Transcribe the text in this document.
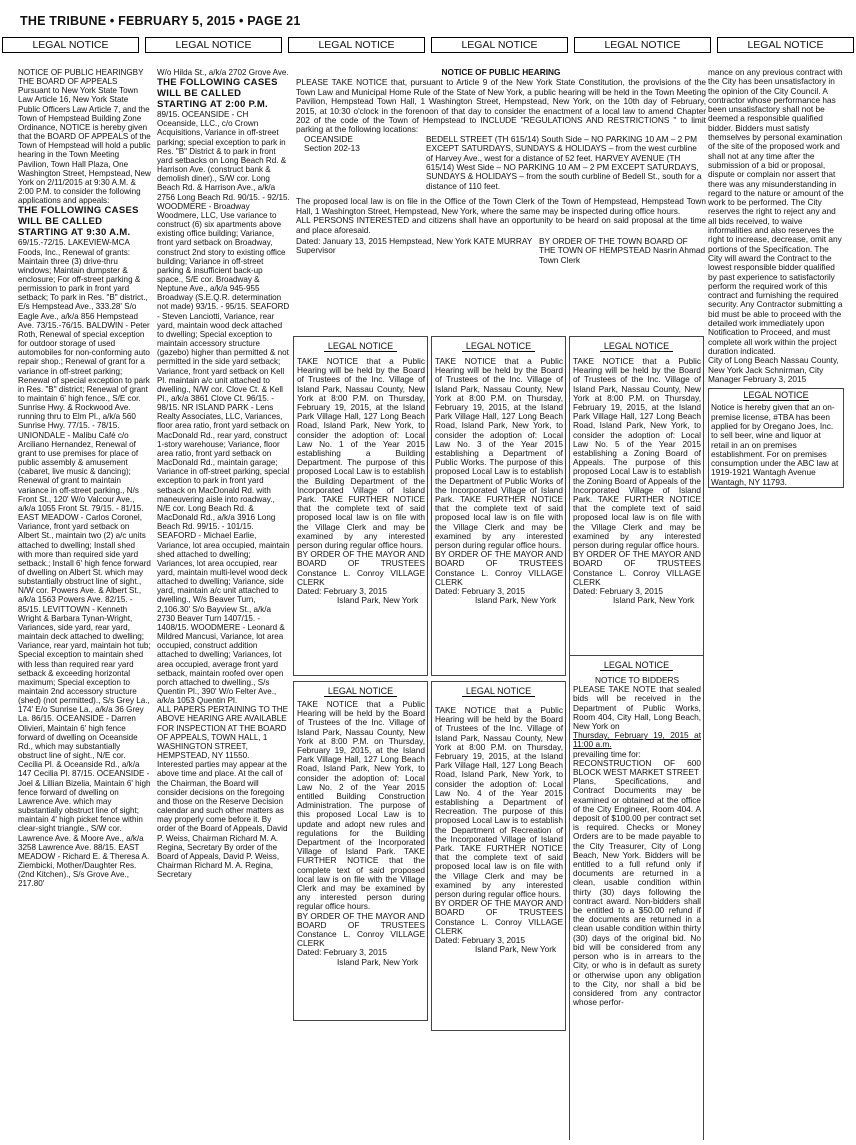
THE TRIBUNE • FEBRUARY 5, 2015 • PAGE 21
LEGAL NOTICE	LEGAL NOTICE	LEGAL NOTICE	LEGAL NOTICE	LEGAL NOTICE	LEGAL NOTICE

NOTICE OF PUBLIC HEARINGBY THE BOARD OF APPEALS Pursuant to New York State Town Law Article 16, New York State Public Officers Law Article 7, and the Town of Hempstead Building Zone Ordinance, NOTICE is hereby given that the BOARD OF APPEALS of the Town of Hempstead will hold a public hearing in the Town Meeting Pavilion, Town Hall Plaza, One Washington Street, Hempstead, New York on 2/11/2015 at 9:30 A.M. & 2:00 P.M. to consider the following applications and appeals:

THE FOLLOWING CASES WILL BE CALLED STARTING AT 9:30 A.M.

69/15.-72/15. LAKEVIEW-MCA Foods, Inc., Renewal of grants: Maintain three (3) drive-thru windows; Maintain dumpster & enclosure; For off-street parking & permission to park in front yard setback; To park in Res. "B" district., E/s Hempstead Ave., 333.28' S/o Eagle Ave., a/k/a 856 Hempstead Ave. 73/15.-76/15. BALDWIN - Peter Roth, Renewal of special exception for outdoor storage of used automobiles for non-conforming auto repair shop.; Renewal of grant for a variance in off-street parking; Renewal of special exception to park in Res. "B" district; Renewal of grant to maintain 6' high fence., S/E cor. Sunrise Hwy. & Rockwood Ave. running thru to Elm Pl., a/k/a 560 Sunrise Hwy. 77/15. - 78/15. UNIONDALE - Malibu Café c/o Arciliano Hernandez, Renewal of grant to use premises for place of public assembly & amusement (cabaret, live music & dancing); Renewal of grant to maintain variance in off-street parking., N/s Front St., 120' W/o Valcour Ave., a/k/a 1055 Front St. 79/15. - 81/15. EAST MEADOW - Carlos Coronel, Variance, front yard setback on Albert St., maintain two (2) a/c units attached to dwelling; Install shed with more than required side yard setback.; Install 6' high fence forward of dwelling on Albert St. which may substantially obstruct line of sight., N/W cor. Powers Ave. & Albert St., a/k/a 1563 Powers Ave. 82/15. - 85/15. LEVITTOWN - Kenneth Wright & Barbara Tynan-Wright, Variances, side yard, rear yard, maintain deck attached to dwelling; Variance, rear yard, maintain hot tub; Special exception to maintain shed with less than required rear yard setback & exceeding horizontal maximum; Special exception to maintain 2nd accessory structure (shed) (not permitted)., S/s Grey La., 174' E/o Sunrise La., a/k/a 36 Grey La. 86/15. OCEANSIDE - Darren Olivieri, Maintain 6' high fence forward of dwelling on Oceanside Rd., which may substantially obstruct line of sight., N/E cor. Cecilia Pl. & Oceanside Rd., a/k/a 147 Cecilia Pl. 87/15. OCEANSIDE - Joel & Lillian Bizelia, Maintain 6' high fence forward of dwelling on Lawrence Ave. which may substantially obstruct line of sight; maintain 4' high picket fence within clear-sight triangle., S/W cor. Lawrence Ave. & Moore Ave., a/k/a 3258 Lawrence Ave. 88/15. EAST MEADOW - Richard E. & Theresa A. Ziembicki, Mother/Daughter Res. (2nd Kitchen)., S/s Grove Ave., 217.80'

W/o Hilda St., a/k/a 2702 Grove Ave.

THE FOLLOWING CASES WILL BE CALLED STARTING AT 2:00 P.M.

89/15. OCEANSIDE - CH Oceanside, LLC., c/o Crown Acquisitions, Variance in off-street parking; special exception to park in Res. "B" District & to park in front yard setbacks on Long Beach Rd. & Harrison Ave. (construct bank & demolish diner)., S/W cor. Long Beach Rd. & Harrison Ave., a/k/a 2756 Long Beach Rd. 90/15. - 92/15. WOODMERE - Broadway Woodmere, LLC, Use variance to construct (6) six apartments above existing office building; Variance, front yard setback on Broadway, construct 2nd story to existing office building; Variance in off-street parking & insufficient back-up space., S/E cor. Broadway & Neptune Ave., a/k/a 945-955 Broadway (S.E.Q.R. determination not made) 93/15. - 95/15. SEAFORD - Steven Lanciotti, Variance, rear yard, maintain wood deck attached to dwelling; Special exception to maintain accessory structure (gazebo) higher than permitted & not permitted in the side yard setback; Variance, front yard setback on Kell Pl. maintain a/c unit attached to dwelling., N/W cor. Clove Ct. & Kell Pl., a/k/a 3861 Clove Ct. 96/15. - 98/15. NR ISLAND PARK - Lens Realty Associates, LLC, Variances, floor area ratio, front yard setback on MacDonald Rd., rear yard, construct 1-story warehouse; Variance, floor area ratio, front yard setback on MacDonald Rd., maintain garage; Variance in off-street parking, special exception to park in front yard setback on MacDonald Rd. with maneuvering aisle into roadway., N/E cor. Long Beach Rd. & MacDonald Rd., a/k/a 3916 Long Beach Rd. 99/15. - 101/15. SEAFORD - Michael Earlie, Variance, lot area occupied, maintain shed attached to dwelling; Variances, lot area occupied, rear yard, maintain multi-level wood deck attached to dwelling; Variance, side yard, maintain a/c unit attached to dwelling., W/s Beaver Turn, 2,106.30' S/o Bayview St., a/k/a 2730 Beaver Turn 1407/15. - 1408/15. WOODMERE - Leonard & Mildred Mancusi, Variance, lot area occupied, construct addition attached to dwelling; Variances, lot area occupied, average front yard setback, maintain roofed over open porch attached to dwelling., S/s Quentin Pl., 390' W/o Felter Ave., a/k/a 1053 Quentin Pl.

ALL PAPERS PERTAINING TO THE ABOVE HEARING ARE AVAILABLE FOR INSPECTION AT THE BOARD OF APPEALS, TOWN HALL, 1 WASHINGTON STREET, HEMPSTEAD, NY 11550.

Interested parties may appear at the above time and place. At the call of the Chairman, the Board will consider decisions on the foregoing and those on the Reserve Decision calendar and such other matters as may properly come before it. By order of the Board of Appeals, David P. Weiss, Chairman Richard M. A. Regina, Secretary By order of the Board of Appeals, David P. Weiss, Chairman Richard M. A. Regina, Secretary

NOTICE OF PUBLIC HEARING

PLEASE TAKE NOTICE that, pursuant to Article 9 of the New York State Constitution, the provisions of the Town Law and Municipal Home Rule of the State of New York, a public hearing will be held in the Town Meeting Pavilion, Hempstead Town Hall, 1 Washington Street, Hempstead, New York, on the 10th day of February, 2015, at 10:30 o'clock in the forenoon of that day to consider the enactment of a local law to amend Chapter 202 of the code of the Town of Hempstead to INCLUDE "REGULATIONS AND RESTRICTIONS " to limit parking at the following locations:

OCEANSIDE
Section 202-13
BEDELL STREET (TH 615/14) South Side – NO PARKING 10 AM – 2 PM EXCEPT SATURDAYS, SUNDAYS & HOLIDAYS – from the west curbline of Harvey Ave., west for a distance of 52 feet. HARVEY AVENUE (TH 615/14) West Side – NO PARKING 10 AM – 2 PM EXCEPT SATURDAYS, SUNDAYS & HOLIDAYS – from the south curbline of Bedell St., south for a distance of 110 feet.

The proposed local law is on file in the Office of the Town Clerk of the Town of Hempstead, Hempstead Town Hall, 1 Washington Street, Hempstead, New York, where the same may be inspected during office hours.

ALL PERSONS INTERESTED and citizens shall have an opportunity to be heard on said proposal at the time and place aforesaid.

Dated: January 13, 2015 Hempstead, New York KATE MURRAY Supervisor
BY ORDER OF THE TOWN BOARD OF THE TOWN OF HEMPSTEAD Nasrin Ahmad Town Clerk
LEGAL NOTICE

TAKE NOTICE that a Public Hearing will be held by the Board of Trustees of the Inc. Village of Island Park, Nassau County, New York at 8:00 P.M. on Thursday, February 19, 2015, at the Island Park Village Hall, 127 Long Beach Road, Island Park, New York, to consider the adoption of: Local Law No. 1 of the Year 2015 establishing a Building Department. The purpose of this proposed Local Law is to establish the Building Department of the Incorporated Village of Island Park. TAKE FURTHER NOTICE that the complete text of said proposed local law is on file with the Village Clerk and may be examined by any interested person during regular office hours.

BY ORDER OF THE MAYOR AND BOARD OF TRUSTEES Constance L. Conroy VILLAGE CLERK

Dated: February 3, 2015

Island Park, New York

LEGAL NOTICE

TAKE NOTICE that a Public Hearing will be held by the Board of Trustees of the Inc. Village of Island Park, Nassau County, New York at 8:00 P.M. on Thursday, February 19, 2015, at the Island Park Village Hall, 127 Long Beach Road, Island Park, New York, to consider the adoption of: Local Law No. 3 of the Year 2015 establishing a Department of Public Works. The purpose of this proposed Local Law is to establish the Department of Public Works of the Incorporated Village of Island Park. TAKE FURTHER NOTICE that the complete text of said proposed local law is on file with the Village Clerk and may be examined by any interested person during regular office hours.

BY ORDER OF THE MAYOR AND BOARD OF TRUSTEES Constance L. Conroy VILLAGE CLERK

Dated: February 3, 2015

Island Park, New York

LEGAL NOTICE

TAKE NOTICE that a Public Hearing will be held by the Board of Trustees of the Inc. Village of Island Park, Nassau County, New York at 8:00 P.M. on Thursday, February 19, 2015, at the Island Park Village Hall, 127 Long Beach Road, Island Park, New York, to consider the adoption of: Local Law No. 5 of the Year 2015 establishing a Zoning Board of Appeals. The purpose of this proposed Local Law is to establish the Zoning Board of Appeals of the Incorporated Village of Island Park. TAKE FURTHER NOTICE that the complete text of said proposed local law is on file with the Village Clerk and may be examined by any interested person during regular office hours.

BY ORDER OF THE MAYOR AND BOARD OF TRUSTEES Constance L. Conroy VILLAGE CLERK

Dated: February 3, 2015

Island Park, New York

LEGAL NOTICE

TAKE NOTICE that a Public Hearing will be held by the Board of Trustees of the Inc. Village of Island Park, Nassau County, New York at 8:00 P.M. on Thursday, February 19, 2015, at the Island Park Village Hall, 127 Long Beach Road, Island Park, New York, to consider the adoption of: Local Law No. 2 of the Year 2015 entitled Building Construction Administration. The purpose of this proposed Local Law is to update and adopt new rules and regulations for the Building Department of the Incorporated Village of Island Park. TAKE FURTHER NOTICE that the complete text of said proposed local law is on file with the Village Clerk and may be examined by any interested person during regular office hours.

BY ORDER OF THE MAYOR AND BOARD OF TRUSTEES Constance L. Conroy VILLAGE CLERK

Dated: February 3, 2015

Island Park, New York

LEGAL NOTICE

TAKE NOTICE that a Public Hearing will be held by the Board of Trustees of the Inc. Village of Island Park, Nassau County, New York at 8:00 P.M. on Thursday, February 19, 2015, at the Island Park Village Hall, 127 Long Beach Road, Island Park, New York, to consider the adoption of: Local Law No. 4 of the Year 2015 establishing a Department of Recreation. The purpose of this proposed Local Law is to establish the Department of Recreation of the Incorporated Village of Island Park. TAKE FURTHER NOTICE that the complete text of said proposed local law is on file with the Village Clerk and may be examined by any interested person during regular office hours.

BY ORDER OF THE MAYOR AND BOARD OF TRUSTEES Constance L. Conroy VILLAGE CLERK

Dated: February 3, 2015

Island Park, New York

LEGAL NOTICE

NOTICE TO BIDDERS

PLEASE TAKE NOTE that sealed bids will be received in the Department of Public Works, Room 404, City Hall, Long Beach, New York on

Thursday, February 19, 2015 at 11:00 a.m.

prevailing time for:

RECONSTRUCTION OF 600 BLOCK WEST MARKET STREET

Plans, Specifications, and Contract Documents may be examined or obtained at the office of the City Engineer, Room 404. A deposit of $100.00 per contract set is required. Checks or Money Orders are to be made payable to the City Treasurer, City of Long Beach, New York. Bidders will be entitled to a full refund only if documents are returned in a clean, usable condition within thirty (30) days following the contract award. Non-bidders shall be entitled to a $50.00 refund if the documents are returned in a clean usable condition within thirty (30) days of the original bid. No bid will be considered from any person who is in arrears to the City, or who is in default as surety or otherwise upon any obligation to the City, nor shall a bid be considered from any contractor whose perfor-

mance on any previous contract with the City has been unsatisfactory in the opinion of the City Council. A contractor whose performance has been unsatisfactory shall not be deemed a responsible qualified bidder. Bidders must satisfy themselves by personal examination of the site of the proposed work and shall not at any time after the submission of a bid or proposal, dispute or complain nor assert that there was any misunderstanding in regard to the nature or amount of the work to be performed. The City reserves the right to reject any and all bids received, to waive informalities and also reserves the right to increase, decrease, omit any portions of the Specification. The City will award the Contract to the lowest responsible bidder qualified by past experience to satisfactorily perform the required work of this contract and furnishing the required security. Any Contractor submitting a bid must be able to proceed with the detailed work immediately upon Notification to Proceed, and must complete all work within the project duration indicated.

City of Long Beach Nassau County, New York Jack Schnirman, City Manager February 3, 2015

LEGAL NOTICE

Notice is hereby given that an on-premise license, #TBA has been applied for by Oregano Joes, Inc. to sell beer, wine and liquor at retail in an on premises establishment. For on premises consumption under the ABC law at 1919-1921 Wantagh Avenue Wantagh, NY 11793.
